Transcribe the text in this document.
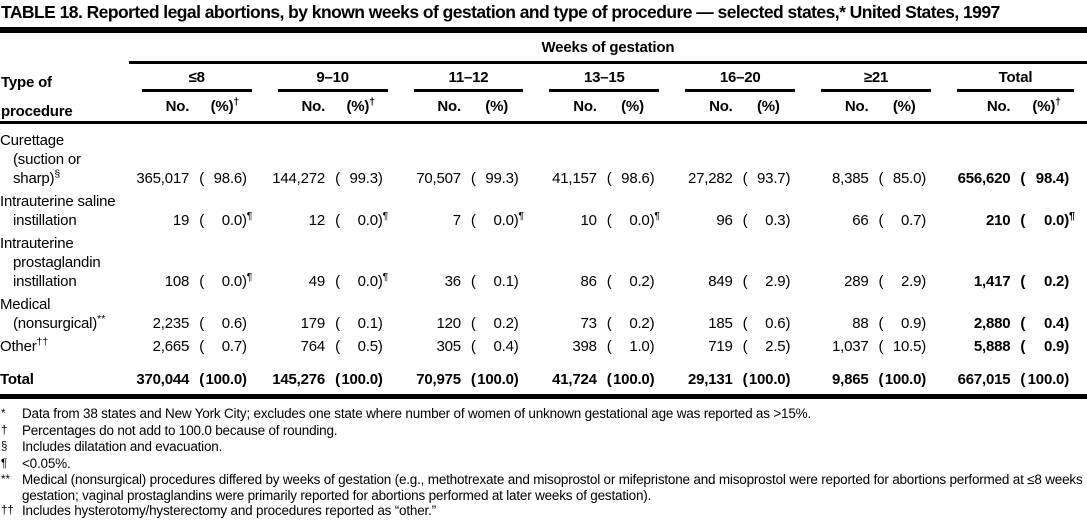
TABLE 18. Reported legal abortions, by known weeks of gestation and type of procedure — selected states,* United States, 1997
	Weeks of gestation													
Type of	≤8		9–10		11–12		13–15		16–20		≥21		Total	

procedure	No.	(%)†	No.	(%)†	No.	(%)	No.	(%)	No.	(%)	No.	(%)	No.	(%)†

Curettage
(suction or
sharp)§	365,017	( 98.6)	144,272	( 99.3)	70,507	( 99.3)	41,157	( 98.6)	27,282	( 93.7)	8,385	( 85.0)	656,620	( 98.4)

Intrauterine saline
instillation	19	( 0.0)¶	12	( 0.0)¶	7	( 0.0)¶	10	( 0.0)¶	96	( 0.3)	66	( 0.7)	210	( 0.0)¶

Intrauterine
prostaglandin
instillation	108	( 0.0)¶	49	( 0.0)¶	36	( 0.1)	86	( 0.2)	849	( 2.9)	289	( 2.9)	1,417	( 0.2)

Medical
(nonsurgical)**	2,235	( 0.6)	179	( 0.1)	120	( 0.2)	73	( 0.2)	185	( 0.6)	88	( 0.9)	2,880	( 0.4)

Other††	2,665	( 0.7)	764	( 0.5)	305	( 0.4)	398	( 1.0)	719	( 2.5)	1,037	( 10.5)	5,888	( 0.9)

Total	370,044	(100.0)	145,276	(100.0)	70,975	(100.0)	41,724	(100.0)	29,131	(100.0)	9,865	(100.0)	667,015	( 100.0)
*	Data from 38 states and New York City; excludes one state where number of women of unknown gestational age was reported as >15%.
†	Percentages do not add to 100.0 because of rounding.
§	Includes dilatation and evacuation.
¶	<0.05%.
** Medical (nonsurgical) procedures differed by weeks of gestation (e.g., methotrexate and misoprostol or mifepristone and misoprostol were reported for abortions performed at ≤8 weeks gestation; vaginal prostaglandins were primarily reported for abortions performed at later weeks of gestation).
†† Includes hysterotomy/hysterectomy and procedures reported as “other.”
